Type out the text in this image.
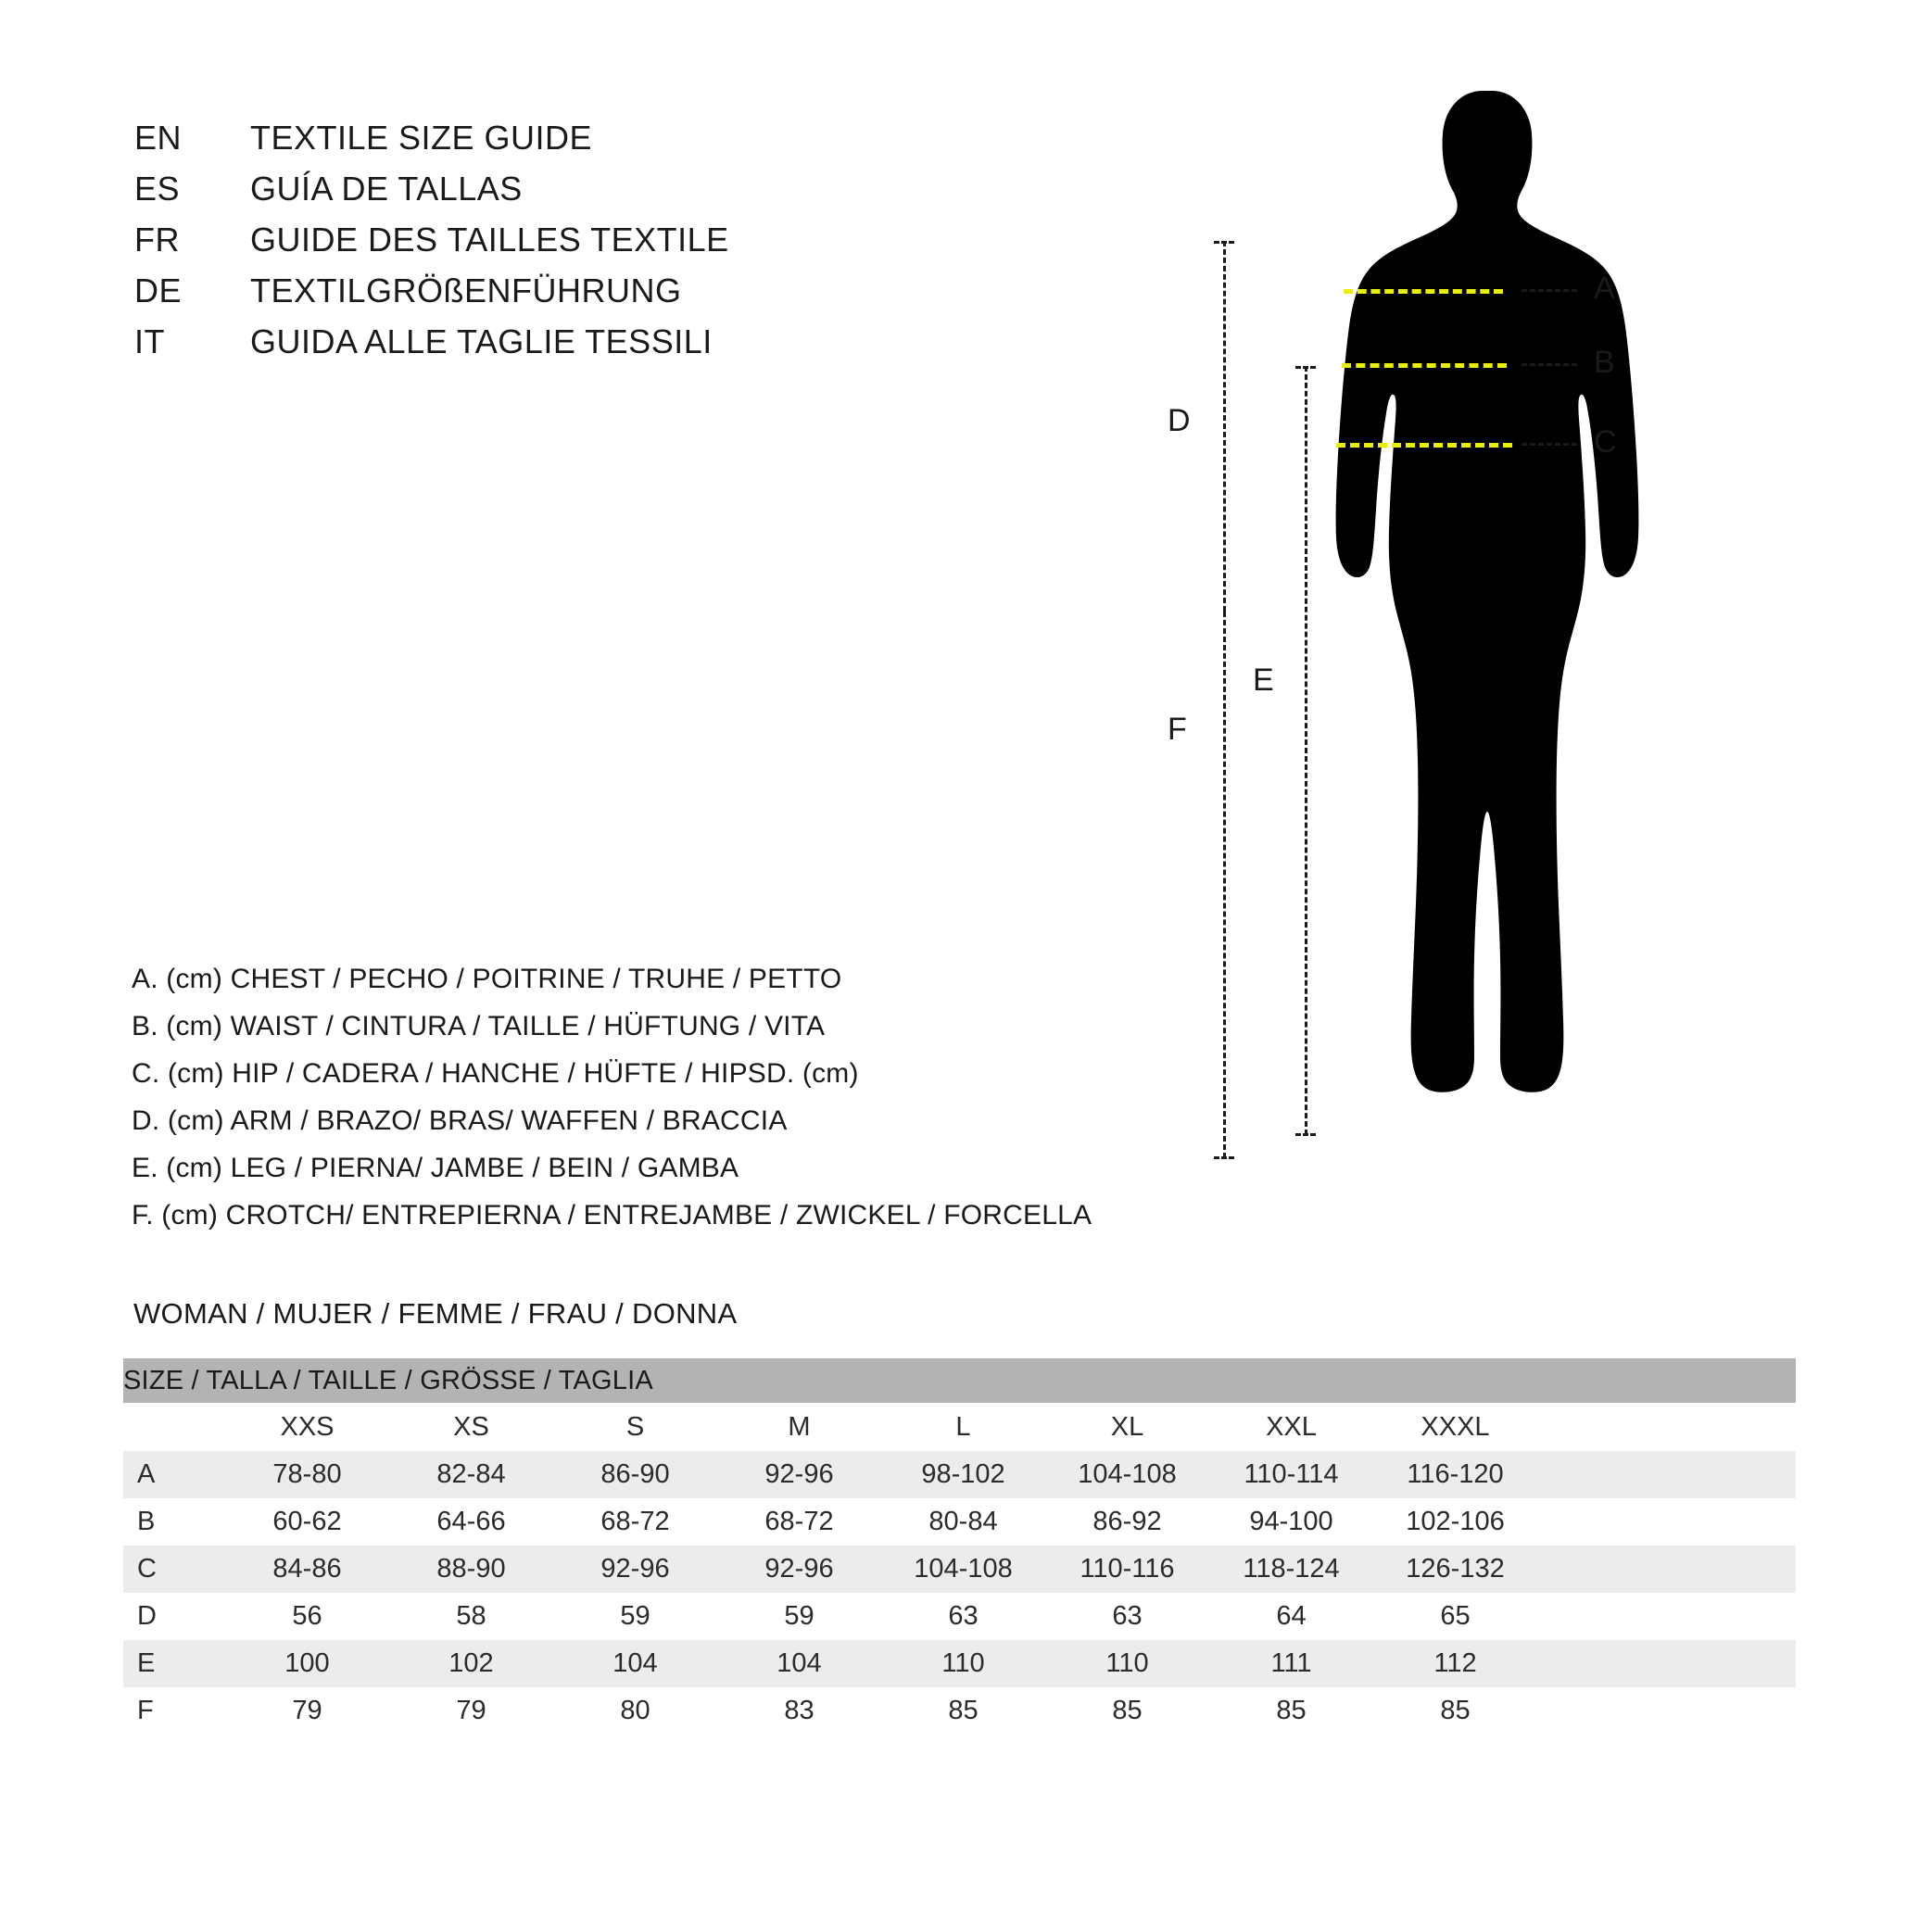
EN	TEXTILE SIZE GUIDE
ES	GUÍA DE TALLAS
FR	GUIDE DES TAILLES TEXTILE
DE	TEXTILGRÖßENFÜHRUNG
IT	GUIDA ALLE TAGLIE TESSILI
D
F
E
A
B
C
A. (cm) CHEST / PECHO / POITRINE / TRUHE / PETTO
B. (cm) WAIST / CINTURA / TAILLE / HÜFTUNG / VITA
C. (cm) HIP / CADERA / HANCHE / HÜFTE / HIPSD. (cm)
D. (cm) ARM / BRAZO/ BRAS/ WAFFEN / BRACCIA
E. (cm) LEG / PIERNA/ JAMBE / BEIN / GAMBA
F. (cm) CROTCH/ ENTREPIERNA / ENTREJAMBE / ZWICKEL / FORCELLA
WOMAN / MUJER / FEMME / FRAU / DONNA
SIZE / TALLA / TAILLE / GRÖSSE / TAGLIA									
	XXS	XS	S	M	L	XL	XXL	XXXL	
A	78-80	82-84	86-90	92-96	98-102	104-108	110-114	116-120	
B	60-62	64-66	68-72	68-72	80-84	86-92	94-100	102-106	
C	84-86	88-90	92-96	92-96	104-108	110-116	118-124	126-132	
D	56	58	59	59	63	63	64	65	
E	100	102	104	104	110	110	111	112	
F	79	79	80	83	85	85	85	85	
